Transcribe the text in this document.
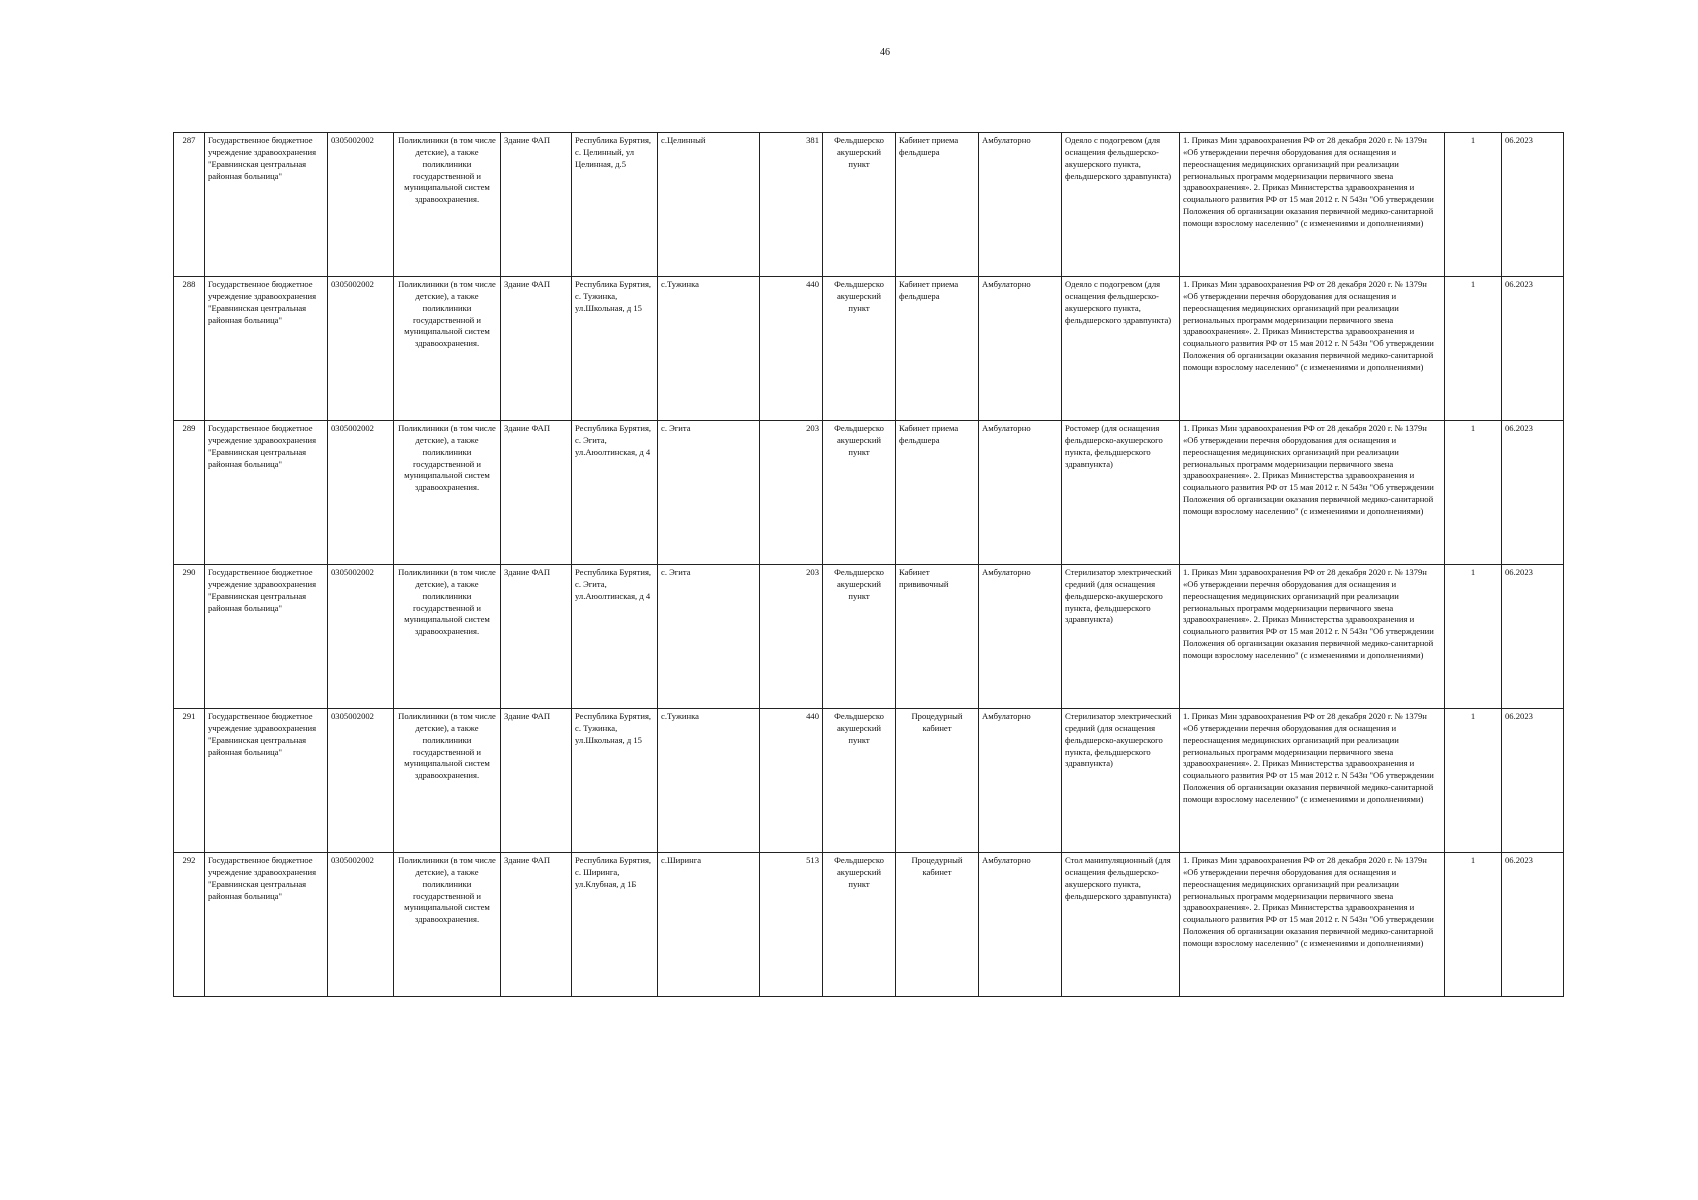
46
287	Государственное бюджетное учреждение здравоохранения "Еравнинская центральная районная больница"	0305002002	Поликлиники (в том числе детские), а также поликлиники государственной и муниципальной систем здравоохранения.	Здание ФАП	Республика Бурятия, с. Целинный, ул Целинная, д.5	с.Целинный	381	Фельдшерско акушерский пункт	Кабинет приема фельдшера	Амбулаторно	Одеяло с подогревом (для оснащения фельдшерско-акушерского пункта, фельдшерского здравпункта)	1. Приказ Мин здравоохранения РФ от 28 декабря 2020 г. № 1379н «Об утверждении перечня оборудования для оснащения и переоснащения медицинских организаций при реализации региональных программ модернизации первичного звена здравоохранения». 2. Приказ Министерства здравоохранения и социального развития РФ от 15 мая 2012 г. N 543н "Об утверждении Положения об организации оказания первичной медико-санитарной помощи взрослому населению" (с изменениями и дополнениями)	1	06.2023
288	Государственное бюджетное учреждение здравоохранения "Еравнинская центральная районная больница"	0305002002	Поликлиники (в том числе детские), а также поликлиники государственной и муниципальной систем здравоохранения.	Здание ФАП	Республика Бурятия, с. Тужинка, ул.Школьная, д 15	с.Тужинка	440	Фельдшерско акушерский пункт	Кабинет приема фельдшера	Амбулаторно	Одеяло с подогревом (для оснащения фельдшерско-акушерского пункта, фельдшерского здравпункта)	1. Приказ Мин здравоохранения РФ от 28 декабря 2020 г. № 1379н «Об утверждении перечня оборудования для оснащения и переоснащения медицинских организаций при реализации региональных программ модернизации первичного звена здравоохранения». 2. Приказ Министерства здравоохранения и социального развития РФ от 15 мая 2012 г. N 543н "Об утверждении Положения об организации оказания первичной медико-санитарной помощи взрослому населению" (с изменениями и дополнениями)	1	06.2023
289	Государственное бюджетное учреждение здравоохранения "Еравнинская центральная районная больница"	0305002002	Поликлиники (в том числе детские), а также поликлиники государственной и муниципальной систем здравоохранения.	Здание ФАП	Республика Бурятия, с. Эгита, ул.Аюолтинская, д 4	с. Эгита	203	Фельдшерско акушерский пункт	Кабинет приема фельдшера	Амбулаторно	Ростомер (для оснащения фельдшерско-акушерского пункта, фельдшерского здравпункта)	1. Приказ Мин здравоохранения РФ от 28 декабря 2020 г. № 1379н «Об утверждении перечня оборудования для оснащения и переоснащения медицинских организаций при реализации региональных программ модернизации первичного звена здравоохранения». 2. Приказ Министерства здравоохранения и социального развития РФ от 15 мая 2012 г. N 543н "Об утверждении Положения об организации оказания первичной медико-санитарной помощи взрослому населению" (с изменениями и дополнениями)	1	06.2023
290	Государственное бюджетное учреждение здравоохранения "Еравнинская центральная районная больница"	0305002002	Поликлиники (в том числе детские), а также поликлиники государственной и муниципальной систем здравоохранения.	Здание ФАП	Республика Бурятия, с. Эгита, ул.Аюолтинская, д 4	с. Эгита	203	Фельдшерско акушерский пункт	Кабинет прививочный	Амбулаторно	Стерилизатор электрический средний (для оснащения фельдшерско-акушерского пункта, фельдшерского здравпункта)	1. Приказ Мин здравоохранения РФ от 28 декабря 2020 г. № 1379н «Об утверждении перечня оборудования для оснащения и переоснащения медицинских организаций при реализации региональных программ модернизации первичного звена здравоохранения». 2. Приказ Министерства здравоохранения и социального развития РФ от 15 мая 2012 г. N 543н "Об утверждении Положения об организации оказания первичной медико-санитарной помощи взрослому населению" (с изменениями и дополнениями)	1	06.2023
291	Государственное бюджетное учреждение здравоохранения "Еравнинская центральная районная больница"	0305002002	Поликлиники (в том числе детские), а также поликлиники государственной и муниципальной систем здравоохранения.	Здание ФАП	Республика Бурятия, с. Тужинка, ул.Школьная, д 15	с.Тужинка	440	Фельдшерско акушерский пункт	Процедурный кабинет	Амбулаторно	Стерилизатор электрический средний (для оснащения фельдшерско-акушерского пункта, фельдшерского здравпункта)	1. Приказ Мин здравоохранения РФ от 28 декабря 2020 г. № 1379н «Об утверждении перечня оборудования для оснащения и переоснащения медицинских организаций при реализации региональных программ модернизации первичного звена здравоохранения». 2. Приказ Министерства здравоохранения и социального развития РФ от 15 мая 2012 г. N 543н "Об утверждении Положения об организации оказания первичной медико-санитарной помощи взрослому населению" (с изменениями и дополнениями)	1	06.2023
292	Государственное бюджетное учреждение здравоохранения "Еравнинская центральная районная больница"	0305002002	Поликлиники (в том числе детские), а также поликлиники государственной и муниципальной систем здравоохранения.	Здание ФАП	Республика Бурятия, с. Ширинга, ул.Клубная, д 1Б	с.Ширинга	513	Фельдшерско акушерский пункт	Процедурный кабинет	Амбулаторно	Стол манипуляционный (для оснащения фельдшерско-акушерского пункта, фельдшерского здравпункта)	1. Приказ Мин здравоохранения РФ от 28 декабря 2020 г. № 1379н «Об утверждении перечня оборудования для оснащения и переоснащения медицинских организаций при реализации региональных программ модернизации первичного звена здравоохранения». 2. Приказ Министерства здравоохранения и социального развития РФ от 15 мая 2012 г. N 543н "Об утверждении Положения об организации оказания первичной медико-санитарной помощи взрослому населению" (с изменениями и дополнениями)	1	06.2023
